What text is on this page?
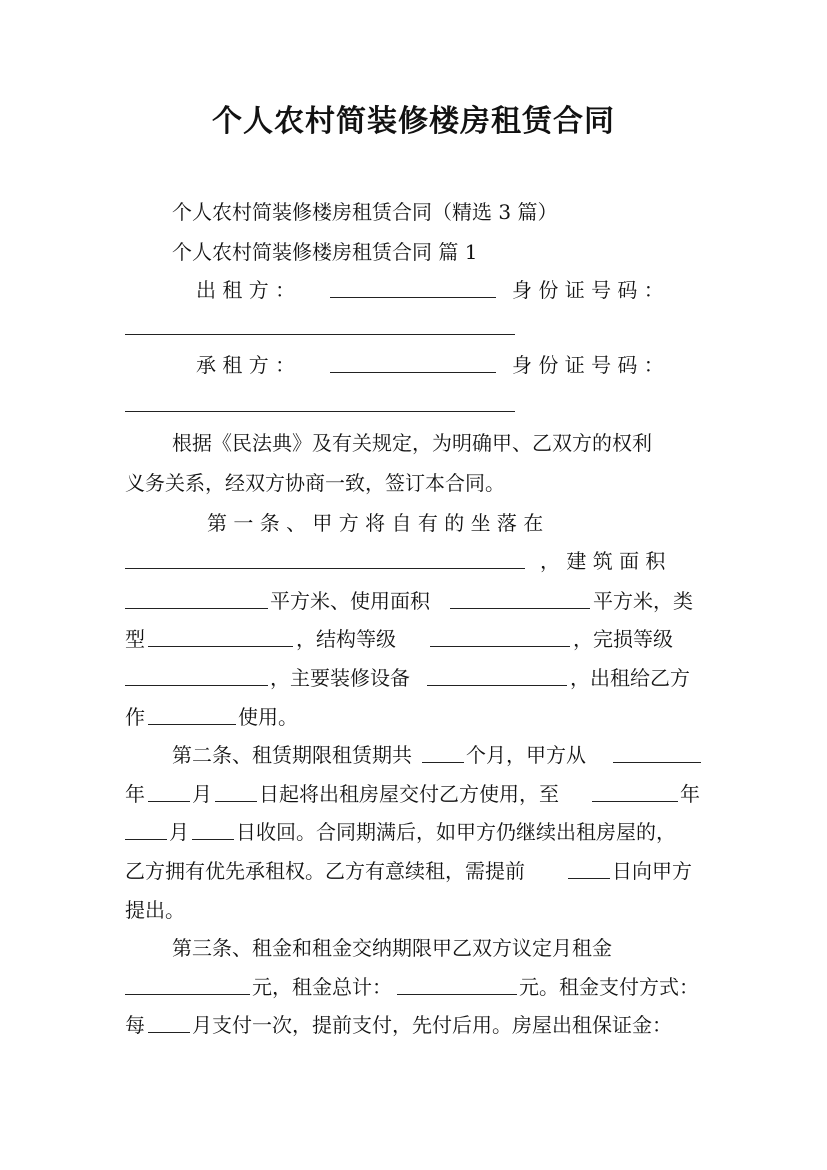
个人农村简装修楼房租赁合同
个人农村简装修楼房租赁合同（精选 3 篇）
个人农村简装修楼房租赁合同 篇 1
出 租 方 ：	身 份 证 号 码 ：
承 租 方 ：	身 份 证 号 码 ：
根据《民法典》及有关规定，为明确甲、乙双方的权利
义务关系，经双方协商一致，签订本合同。
第 一 条 、 甲 方 将 自 有 的 坐 落 在
， 建 筑 面 积
平方米、使用面积	平方米，类
型	，结构等级	，完损等级
，主要装修设备	，出租给乙方
作	使用。
第二条、租赁期限租赁期共	个月，甲方从
年 月 日起将出租房屋交付乙方使用，至	年
月 日收回。合同期满后，如甲方仍继续出租房屋的，
乙方拥有优先承租权。乙方有意续租，需提前	日向甲方
提出。
第三条、租金和租金交纳期限甲乙双方议定月租金
元，租金总计：	元。租金支付方式：
每 月支付一次，提前支付，先付后用。房屋出租保证金：
